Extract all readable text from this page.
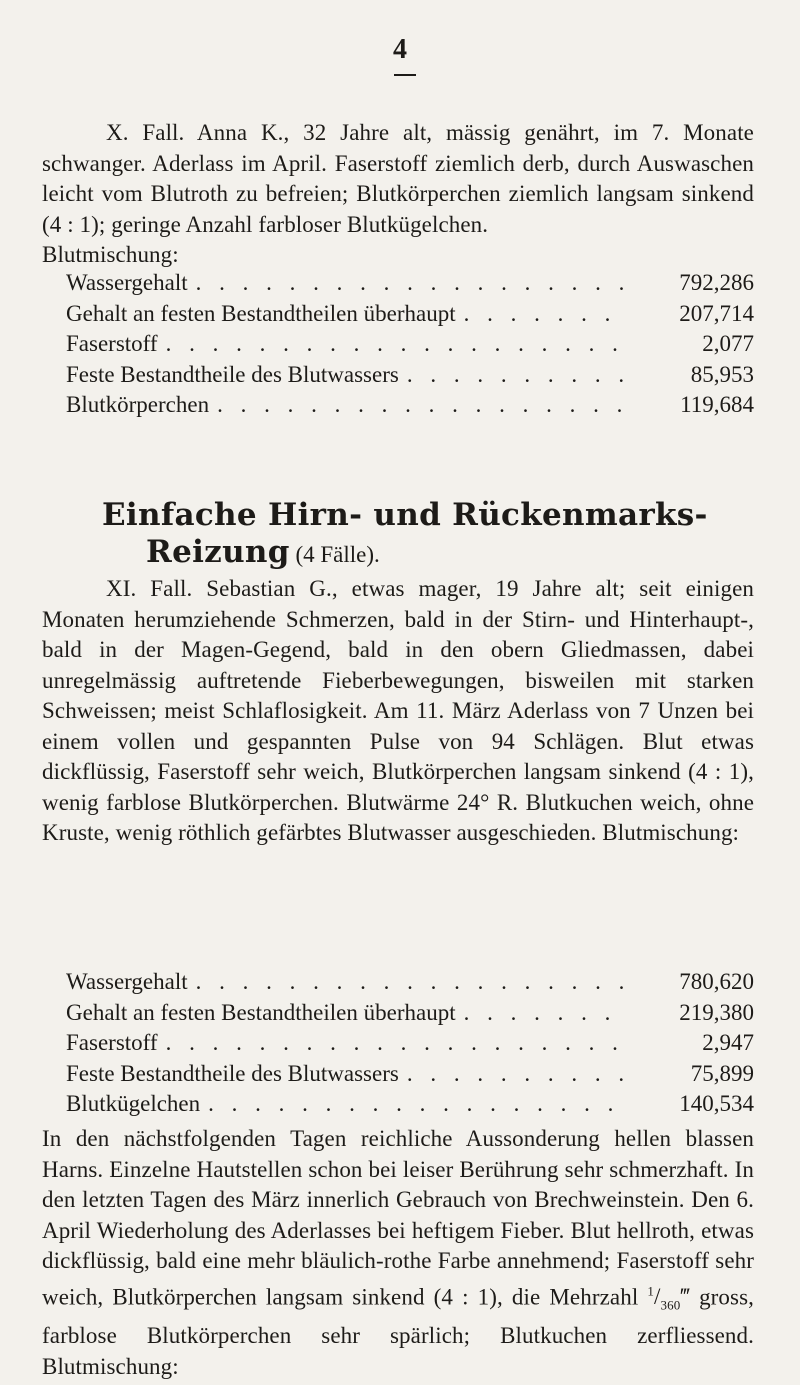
4

X. Fall. Anna K., 32 Jahre alt, mässig genährt, im 7. Monate schwanger. Aderlass im April. Faserstoff ziemlich derb, durch Auswaschen leicht vom Blutroth zu befreien; Blutkörperchen ziemlich langsam sinkend (4 : 1); geringe Anzahl farbloser Blutkügelchen.

Blutmischung:

Wassergehalt . . .	792,286
Gehalt an festen Bestandtheilen überhaupt . . .	207,714
Faserstoff . . .	2,077
Feste Bestandtheile des Blutwassers . . .	85,953
Blutkörperchen . . .	119,684
Einfache Hirn- und Rückenmarks-
Reizung (4 Fälle).

XI. Fall. Sebastian G., etwas mager, 19 Jahre alt; seit einigen Monaten herumziehende Schmerzen, bald in der Stirn- und Hinterhaupt-, bald in der Magen-Gegend, bald in den obern Gliedmassen, dabei unregelmässig auftretende Fieberbewegungen, bisweilen mit starken Schweissen; meist Schlaflosigkeit. Am 11. März Aderlass von 7 Unzen bei einem vollen und gespannten Pulse von 94 Schlägen. Blut etwas dickflüssig, Faserstoff sehr weich, Blutkörperchen langsam sinkend (4 : 1), wenig farblose Blutkörperchen. Blutwärme 24° R. Blutkuchen weich, ohne Kruste, wenig röthlich gefärbtes Blutwasser ausgeschieden. Blutmischung:

Wassergehalt . . .	780,620
Gehalt an festen Bestandtheilen überhaupt . . .	219,380
Faserstoff . . .	2,947
Feste Bestandtheile des Blutwassers . . .	75,899
Blutkügelchen . . .	140,534

In den nächstfolgenden Tagen reichliche Aussonderung hellen blassen Harns. Einzelne Hautstellen schon bei leiser Berührung sehr schmerzhaft. In den letzten Tagen des März innerlich Gebrauch von Brechweinstein. Den 6. April Wiederholung des Aderlasses bei heftigem Fieber. Blut hellroth, etwas dickflüssig, bald eine mehr bläulich-rothe Farbe annehmend; Faserstoff sehr weich, Blutkörperchen langsam sinkend (4 : 1), die Mehrzahl $^1/_{360}‴$ gross, farblose Blutkörperchen sehr spärlich; Blutkuchen zerfliessend. Blutmischung:
